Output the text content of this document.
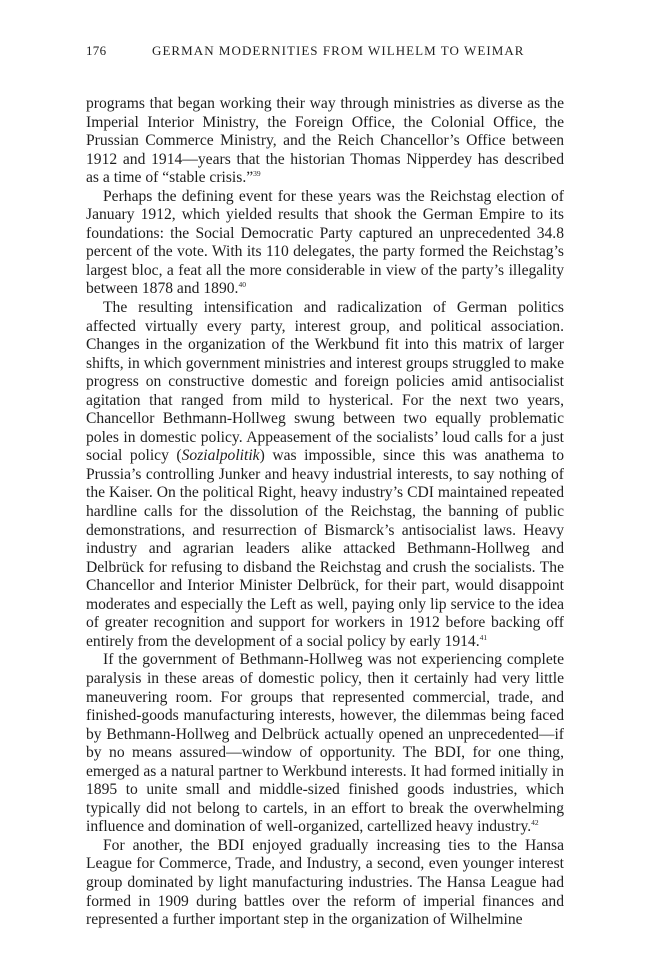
176	GERMAN MODERNITIES FROM WILHELM TO WEIMAR

programs that began working their way through ministries as diverse as the Imperial Interior Ministry, the Foreign Office, the Colonial Office, the Prussian Commerce Ministry, and the Reich Chancellor’s Office between 1912 and 1914—years that the historian Thomas Nipperdey has described as a time of “stable crisis.”$^{39}$

Perhaps the defining event for these years was the Reichstag election of January 1912, which yielded results that shook the German Empire to its foundations: the Social Democratic Party captured an unprecedented 34.8 percent of the vote. With its 110 delegates, the party formed the Reichstag’s largest bloc, a feat all the more considerable in view of the party’s illegality between 1878 and 1890.40

The resulting intensification and radicalization of German politics affected virtually every party, interest group, and political association. Changes in the organization of the Werkbund fit into this matrix of larger shifts, in which government ministries and interest groups struggled to make progress on constructive domestic and foreign policies amid antisocialist agitation that ranged from mild to hysterical. For the next two years, Chancellor Bethmann-Hollweg swung between two equally problematic poles in domestic policy. Appeasement of the socialists’ loud calls for a just social policy (Sozialpolitik) was impossible, since this was anathema to Prussia’s controlling Junker and heavy industrial interests, to say nothing of the Kaiser. On the political Right, heavy industry’s CDI maintained repeated hardline calls for the dissolution of the Reichstag, the banning of public demonstrations, and resurrection of Bismarck’s antisocialist laws. Heavy industry and agrarian leaders alike attacked Bethmann-Hollweg and Delbrück for refusing to disband the Reichstag and crush the socialists. The Chancellor and Interior Minister Delbrück, for their part, would disappoint moderates and especially the Left as well, paying only lip service to the idea of greater recognition and support for workers in 1912 before backing off entirely from the development of a social policy by early 1914.41

If the government of Bethmann-Hollweg was not experiencing complete paralysis in these areas of domestic policy, then it certainly had very little maneuvering room. For groups that represented commercial, trade, and finished-goods manufacturing interests, however, the dilemmas being faced by Bethmann-Hollweg and Delbrück actually opened an unprecedented—if by no means assured—window of opportunity. The BDI, for one thing, emerged as a natural partner to Werkbund interests. It had formed initially in 1895 to unite small and middle-sized finished goods industries, which typically did not belong to cartels, in an effort to break the overwhelming influence and domination of well-organized, cartellized heavy industry.$^{42}$

For another, the BDI enjoyed gradually increasing ties to the Hansa League for Commerce, Trade, and Industry, a second, even younger interest group dominated by light manufacturing industries. The Hansa League had formed in 1909 during battles over the reform of imperial finances and represented a further important step in the organization of Wilhelmine
